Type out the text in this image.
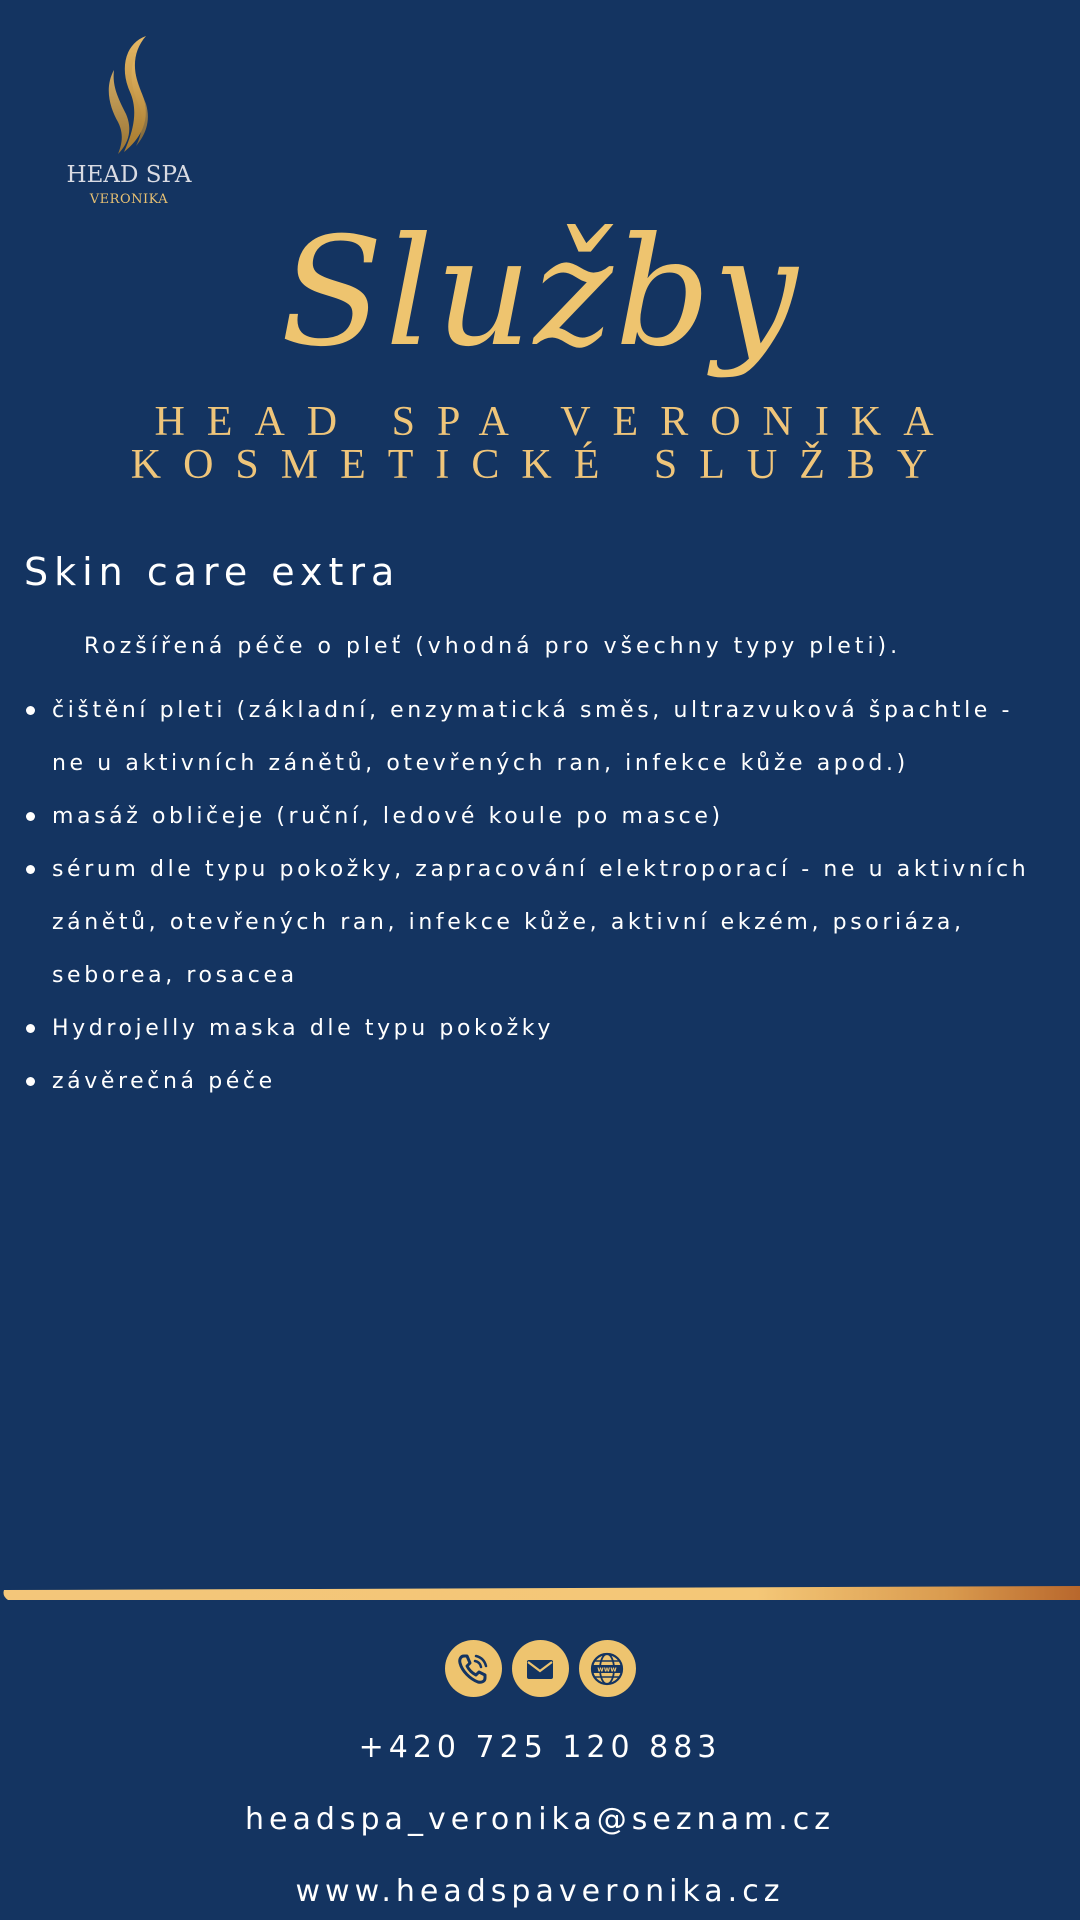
HEAD SPA
VERONIKA
Služby
HEAD SPA VERONIKA
KOSMETICKÉ SLUŽBY
Skin care extra
Rozšířená péče o pleť (vhodná pro všechny typy pleti).
čištění pleti (základní, enzymatická směs, ultrazvuková špachtle - ne u aktivních zánětů, otevřených ran, infekce kůže apod.)
masáž obličeje (ruční, ledové koule po masce)
sérum dle typu pokožky, zapracování elektroporací - ne u aktivních zánětů, otevřených ran, infekce kůže, aktivní ekzém, psoriáza, seborea, rosacea
Hydrojelly maska dle typu pokožky
závěrečná péče
www
+420 725 120 883
headspa_veronika@seznam.cz
www.headspaveronika.cz
